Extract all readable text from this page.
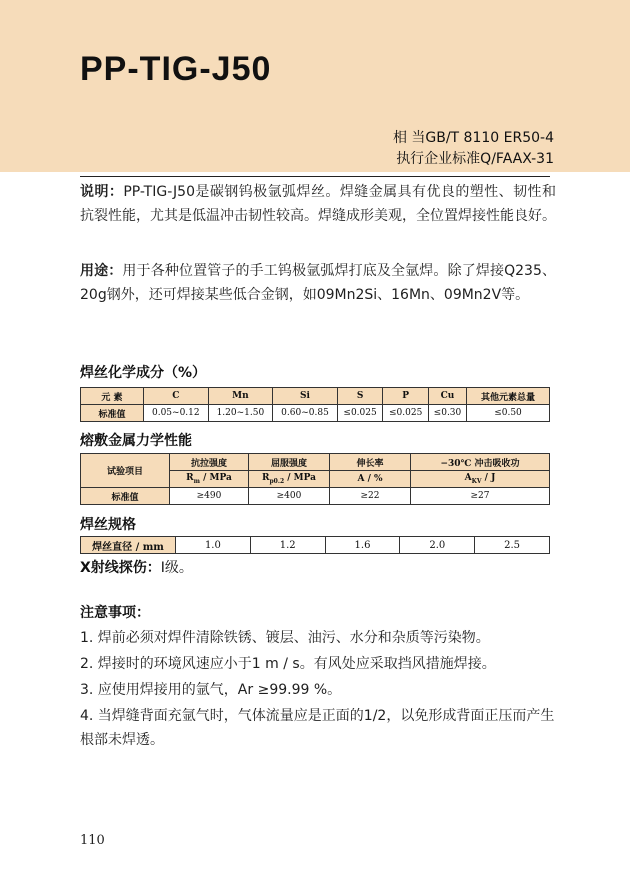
PP-TIG-J50
相 当GB/T 8110 ER50-4
执行企业标准Q/FAAX-31
说明：PP-TIG-J50是碳钢钨极氩弧焊丝。焊缝金属具有优良的塑性、韧性和抗裂性能，尤其是低温冲击韧性较高。焊缝成形美观，全位置焊接性能良好。
用途：用于各种位置管子的手工钨极氩弧焊打底及全氩焊。除了焊接Q235、20g钢外，还可焊接某些低合金钢，如09Mn2Si、16Mn、09Mn2V等。
焊丝化学成分（%）
元 素	C	Mn	Si	S	P	Cu	其他元素总量
标准值	0.05~0.12	1.20~1.50	0.60~0.85	≤0.025	≤0.025	≤0.30	≤0.50
熔敷金属力学性能
试验项目	抗拉强度	屈服强度	伸长率	−30℃ 冲击吸收功
	$R_m$ / MPa	$R_{p0.2}$ / MPa	A / %	$A_{KV}$ / J
标准值	≥490	≥400	≥22	≥27
焊丝规格
焊丝直径 / mm	1.0	1.2	1.6	2.0	2.5
X射线探伤：Ⅰ级。
注意事项：
1. 焊前必须对焊件清除铁锈、镀层、油污、水分和杂质等污染物。
2. 焊接时的环境风速应小于1 m / s。有风处应采取挡风措施焊接。
3. 应使用焊接用的氩气，Ar ≥99.99 %。
4. 当焊缝背面充氩气时，气体流量应是正面的1/2，以免形成背面正压而产生根部未焊透。
110
